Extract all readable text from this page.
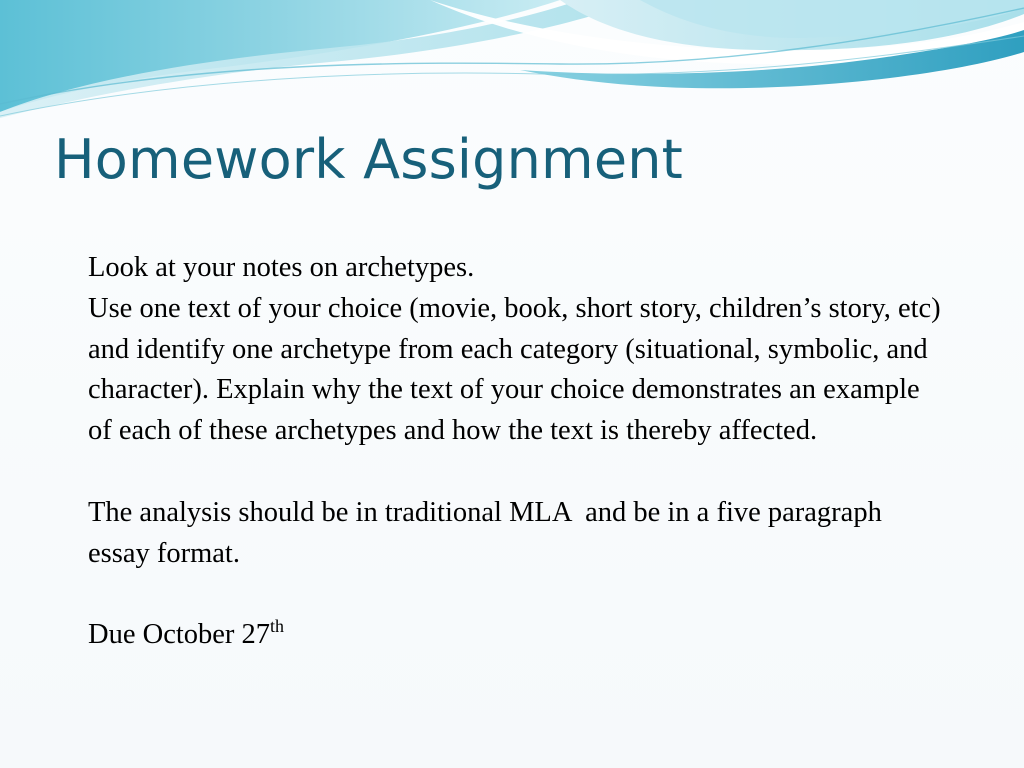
Homework Assignment

Look at your notes on archetypes.

Use one text of your choice (movie, book, short story, children’s story, etc) and identify one archetype from each category (situational, symbolic, and character). Explain why the text of your choice demonstrates an example of each of these archetypes and how the text is thereby affected.

The analysis should be in traditional MLA  and be in a five paragraph essay format.

Due October 27th
